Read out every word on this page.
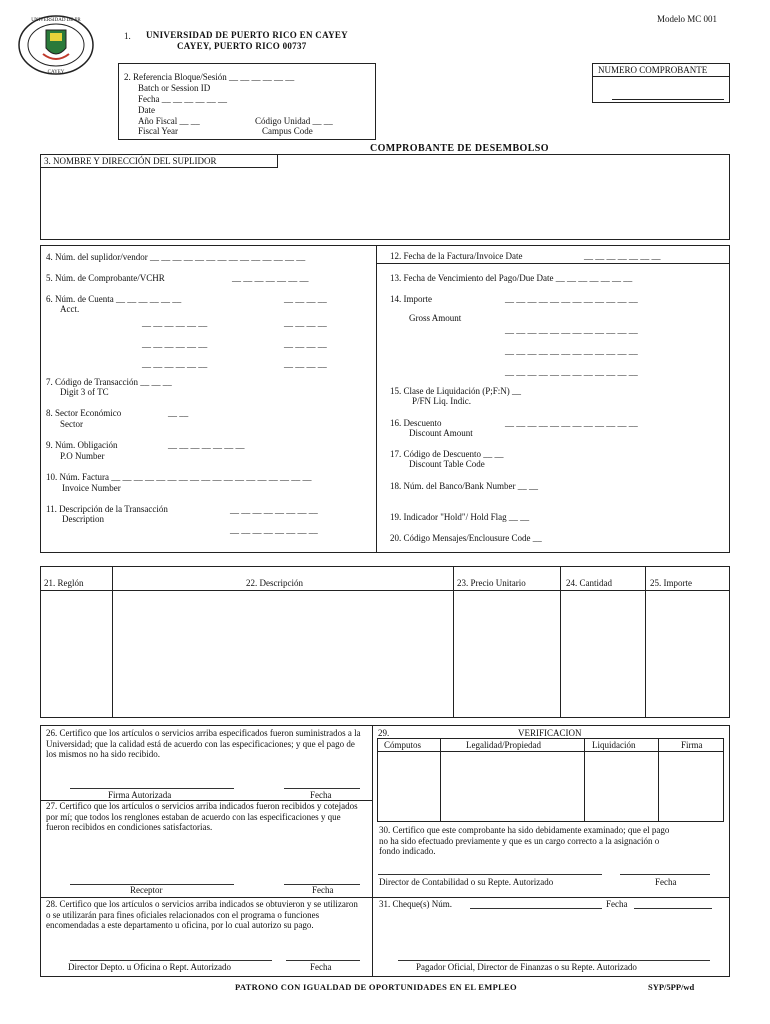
UNIVERSIDAD DE PR
CAYEY
Modelo MC 001
1. UNIVERSIDAD DE PUERTO RICO EN CAYEY
CAYEY, PUERTO RICO 00737
2. Referencia Bloque/Sesión __ __ __ __ __ __
Batch or Session ID
Fecha __ __ __ __ __ __
Date
Año Fiscal __ __
Fiscal Year
Código Unidad __ __
Campus Code
NUMERO COMPROBANTE
COMPROBANTE DE DESEMBOLSO
3. NOMBRE Y DIRECCIÓN DEL SUPLIDOR
4. Núm. del suplidor/vendor __ __ __ __ __ __ __ __ __ __ __ __ __ __
5. Núm. de Comprobante/VCHR	__ __ __ __ __ __ __
6. Núm. de Cuenta __ __ __ __ __ __	__ __ __ __
Acct.
__ __ __ __ __ __	__ __ __ __
__ __ __ __ __ __	__ __ __ __
__ __ __ __ __ __	__ __ __ __
7. Código de Transacción __ __ __
Digit 3 of TC
8. Sector Económico	__ __
Sector
9. Núm. Obligación	__ __ __ __ __ __ __
P.O Number
10. Núm. Factura __ __ __ __ __ __ __ __ __ __ __ __ __ __ __ __ __ __
Invoice Number
11. Descripción de la Transacción
Description
__ __ __ __ __ __ __ __
__ __ __ __ __ __ __ __
12. Fecha de la Factura/Invoice Date	__ __ __ __ __ __ __
13. Fecha de Vencimiento del Pago/Due Date __ __ __ __ __ __ __
14. Importe	__ __ __ __ __ __ __ __ __ __ __ __
Gross Amount
__ __ __ __ __ __ __ __ __ __ __ __
__ __ __ __ __ __ __ __ __ __ __ __
__ __ __ __ __ __ __ __ __ __ __ __
15. Clase de Liquidación (P;F:N) __
P/FN Liq. Indic.
16. Descuento	__ __ __ __ __ __ __ __ __ __ __ __
Discount Amount
17. Código de Descuento __ __
Discount Table Code
18. Núm. del Banco/Bank Number __ __
19. Indicador "Hold"/ Hold Flag __ __
20. Código Mensajes/Enclousure Code __
21. Reglón	22. Descripción	23. Precio Unitario	24. Cantidad	25. Importe
26. Certifico que los artículos o servicios arriba especificados fueron suministrados a la Universidad; que la calidad está de acuerdo con las especificaciones; y que el pago de los mismos no ha sido recibido.
Firma Autorizada	Fecha
27. Certifico que los artículos o servicios arriba indicados fueron recibidos y cotejados por mí; que todos los renglones estaban de acuerdo con las especificaciones y que fueron recibidos en condiciones satisfactorias.
Receptor	Fecha
28. Certifico que los artículos o servicios arriba indicados se obtuvieron y se utilizaron o se utilizarán para fines oficiales relacionados con el programa o funciones encomendadas a este departamento u oficina, por lo cual autorizo su pago.
Director Depto. u Oficina o Rept. Autorizado	Fecha
29.	VERIFICACION
Cómputos	Legalidad/Propiedad	Liquidación	Firma
30. Certifico que este comprobante ha sido debidamente examinado; que el pago no ha sido efectuado previamente y que es un cargo correcto a la asignación o fondo indicado.
Director de Contabilidad o su Repte. Autorizado	Fecha
31. Cheque(s) Núm.	Fecha
Pagador Oficial, Director de Finanzas o su Repte. Autorizado
PATRONO CON IGUALDAD DE OPORTUNIDADES EN EL EMPLEO	SYP/5PP/wd
